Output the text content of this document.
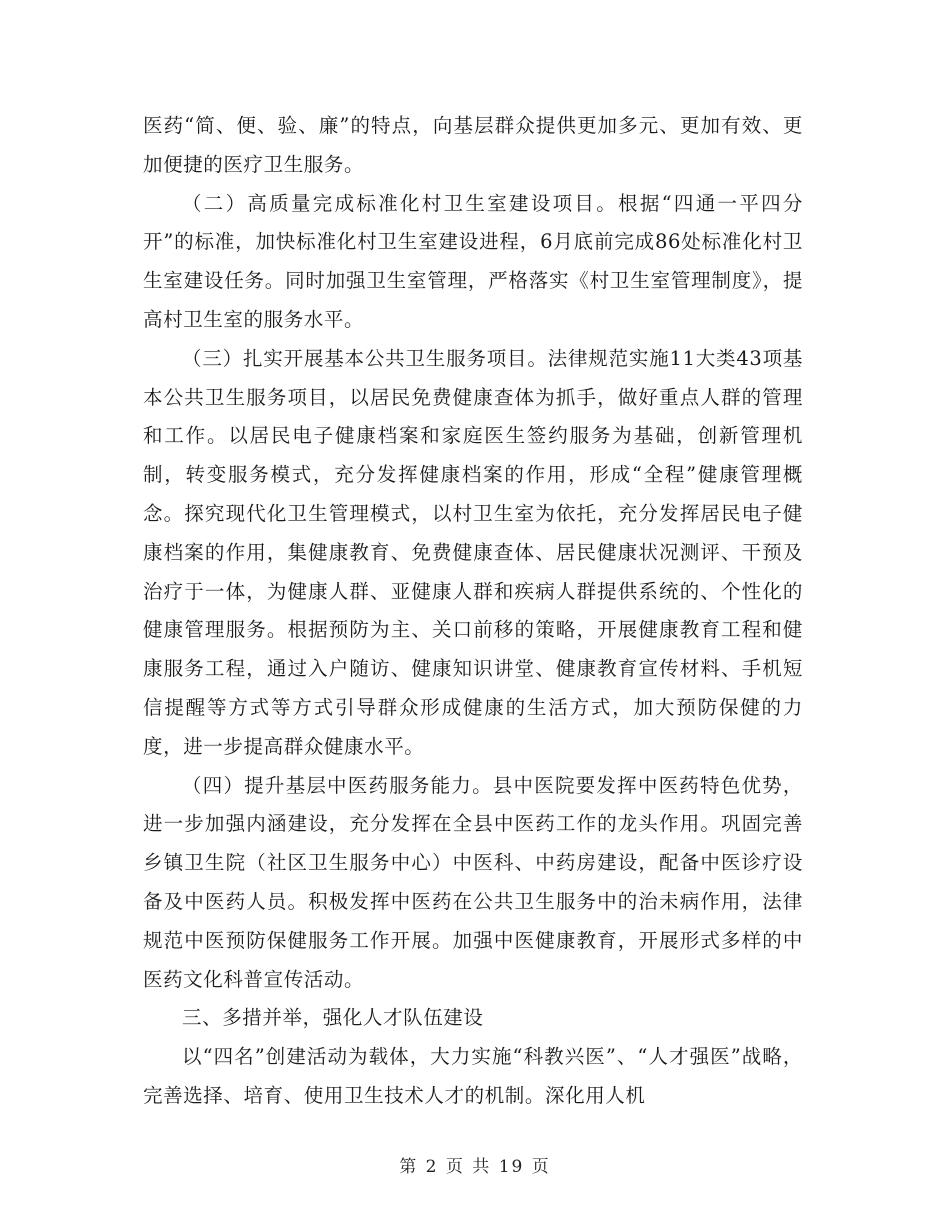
医药“简、便、验、廉”的特点，向基层群众提供更加多元、更加有效、更加便捷的医疗卫生服务。

（二）高质量完成标准化村卫生室建设项目。根据“四通一平四分开”的标准，加快标准化村卫生室建设进程，6月底前完成86处标准化村卫生室建设任务。同时加强卫生室管理，严格落实《村卫生室管理制度》，提高村卫生室的服务水平。

（三）扎实开展基本公共卫生服务项目。法律规范实施11大类43项基本公共卫生服务项目，以居民免费健康查体为抓手，做好重点人群的管理和工作。以居民电子健康档案和家庭医生签约服务为基础，创新管理机制，转变服务模式，充分发挥健康档案的作用，形成“全程”健康管理概念。探究现代化卫生管理模式，以村卫生室为依托，充分发挥居民电子健康档案的作用，集健康教育、免费健康查体、居民健康状况测评、干预及治疗于一体，为健康人群、亚健康人群和疾病人群提供系统的、个性化的健康管理服务。根据预防为主、关口前移的策略，开展健康教育工程和健康服务工程，通过入户随访、健康知识讲堂、健康教育宣传材料、手机短信提醒等方式等方式引导群众形成健康的生活方式，加大预防保健的力度，进一步提高群众健康水平。

（四）提升基层中医药服务能力。县中医院要发挥中医药特色优势，进一步加强内涵建设，充分发挥在全县中医药工作的龙头作用。巩固完善乡镇卫生院（社区卫生服务中心）中医科、中药房建设，配备中医诊疗设备及中医药人员。积极发挥中医药在公共卫生服务中的治未病作用，法律规范中医预防保健服务工作开展。加强中医健康教育，开展形式多样的中医药文化科普宣传活动。

三、多措并举，强化人才队伍建设

以“四名”创建活动为载体，大力实施“科教兴医”、“人才强医”战略，完善选择、培育、使用卫生技术人才的机制。深化用人机

第 2 页 共 19 页
